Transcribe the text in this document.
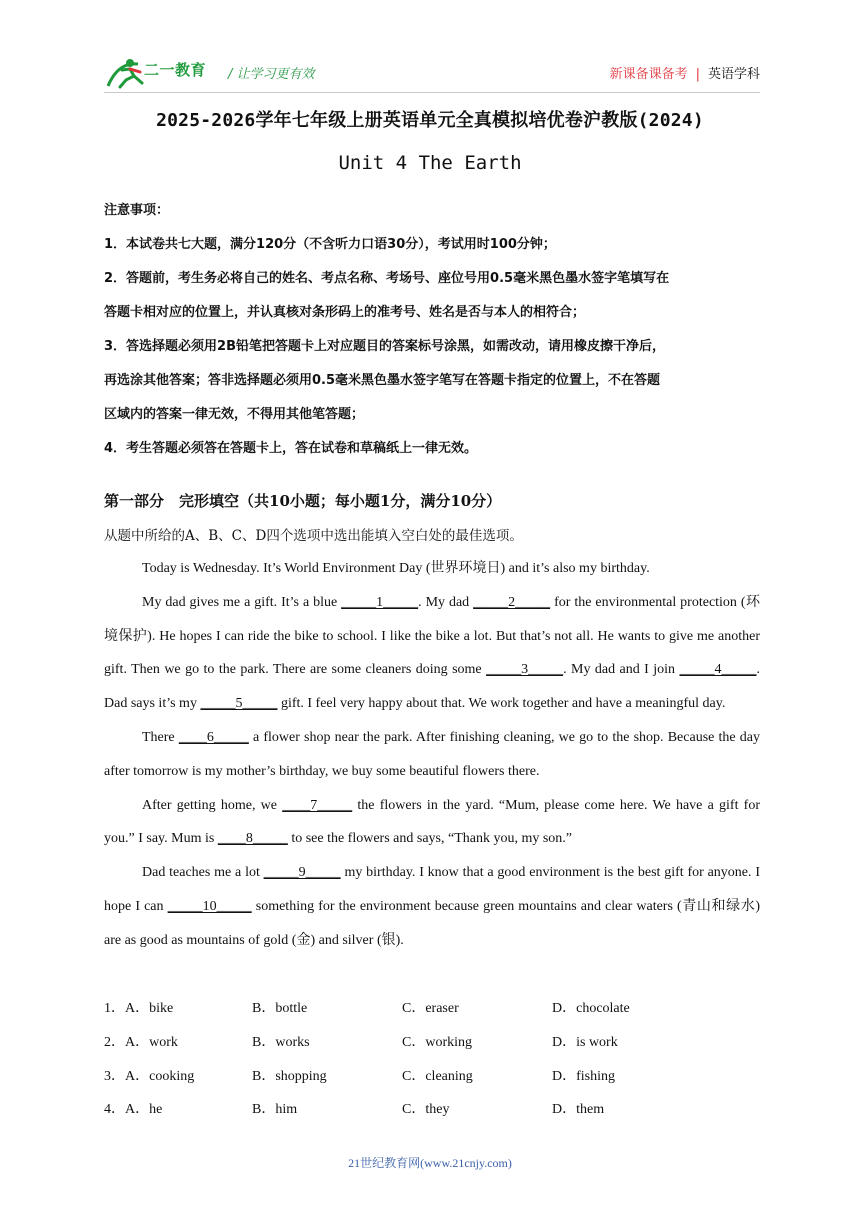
二一教育 / 让学习更有效	新课备课备考 | 英语学科
2025-2026学年七年级上册英语单元全真模拟培优卷沪教版(2024)
Unit 4 The Earth
注意事项：
1．本试卷共七大题，满分120分（不含听力口语30分），考试用时100分钟；
2．答题前，考生务必将自己的姓名、考点名称、考场号、座位号用0.5毫米黑色墨水签字笔填写在
答题卡相对应的位置上，并认真核对条形码上的准考号、姓名是否与本人的相符合；
3．答选择题必须用2B铅笔把答题卡上对应题目的答案标号涂黑，如需改动，请用橡皮擦干净后，
再选涂其他答案；答非选择题必须用0.5毫米黑色墨水签字笔写在答题卡指定的位置上，不在答题
区域内的答案一律无效，不得用其他笔答题；
4．考生答题必须答在答题卡上，答在试卷和草稿纸上一律无效。
第一部分　完形填空（共10小题；每小题1分，满分10分）
从题中所给的A、B、C、D四个选项中选出能填入空白处的最佳选项。
Today is Wednesday. It’s World Environment Day (世界环境日) and it’s also my birthday.
My dad gives me a gift. It’s a blue _____1_____. My dad _____2_____ for the environmental protection (环境保护). He hopes I can ride the bike to school. I like the bike a lot. But that’s not all. He wants to give me another gift. Then we go to the park. There are some cleaners doing some _____3_____. My dad and I join _____4_____. Dad says it’s my _____5_____ gift. I feel very happy about that. We work together and have a meaningful day.
There ____6_____ a flower shop near the park. After finishing cleaning, we go to the shop. Because the day after tomorrow is my mother’s birthday, we buy some beautiful flowers there.
After getting home, we ____7_____ the flowers in the yard. “Mum, please come here. We have a gift for you.” I say. Mum is ____8_____ to see the flowers and says, “Thank you, my son.”
Dad teaches me a lot _____9_____ my birthday. I know that a good environment is the best gift for anyone. I hope I can _____10_____ something for the environment because green mountains and clear waters (青山和绿水) are as good as mountains of gold (金) and silver (银).
1．A．bike	B．bottle	C．eraser	D．chocolate
2．A．work	B．works	C．working	D．is work
3．A．cooking	B．shopping	C．cleaning	D．fishing
4．A．he	B．him	C．they	D．them
21世纪教育网(www.21cnjy.com)
